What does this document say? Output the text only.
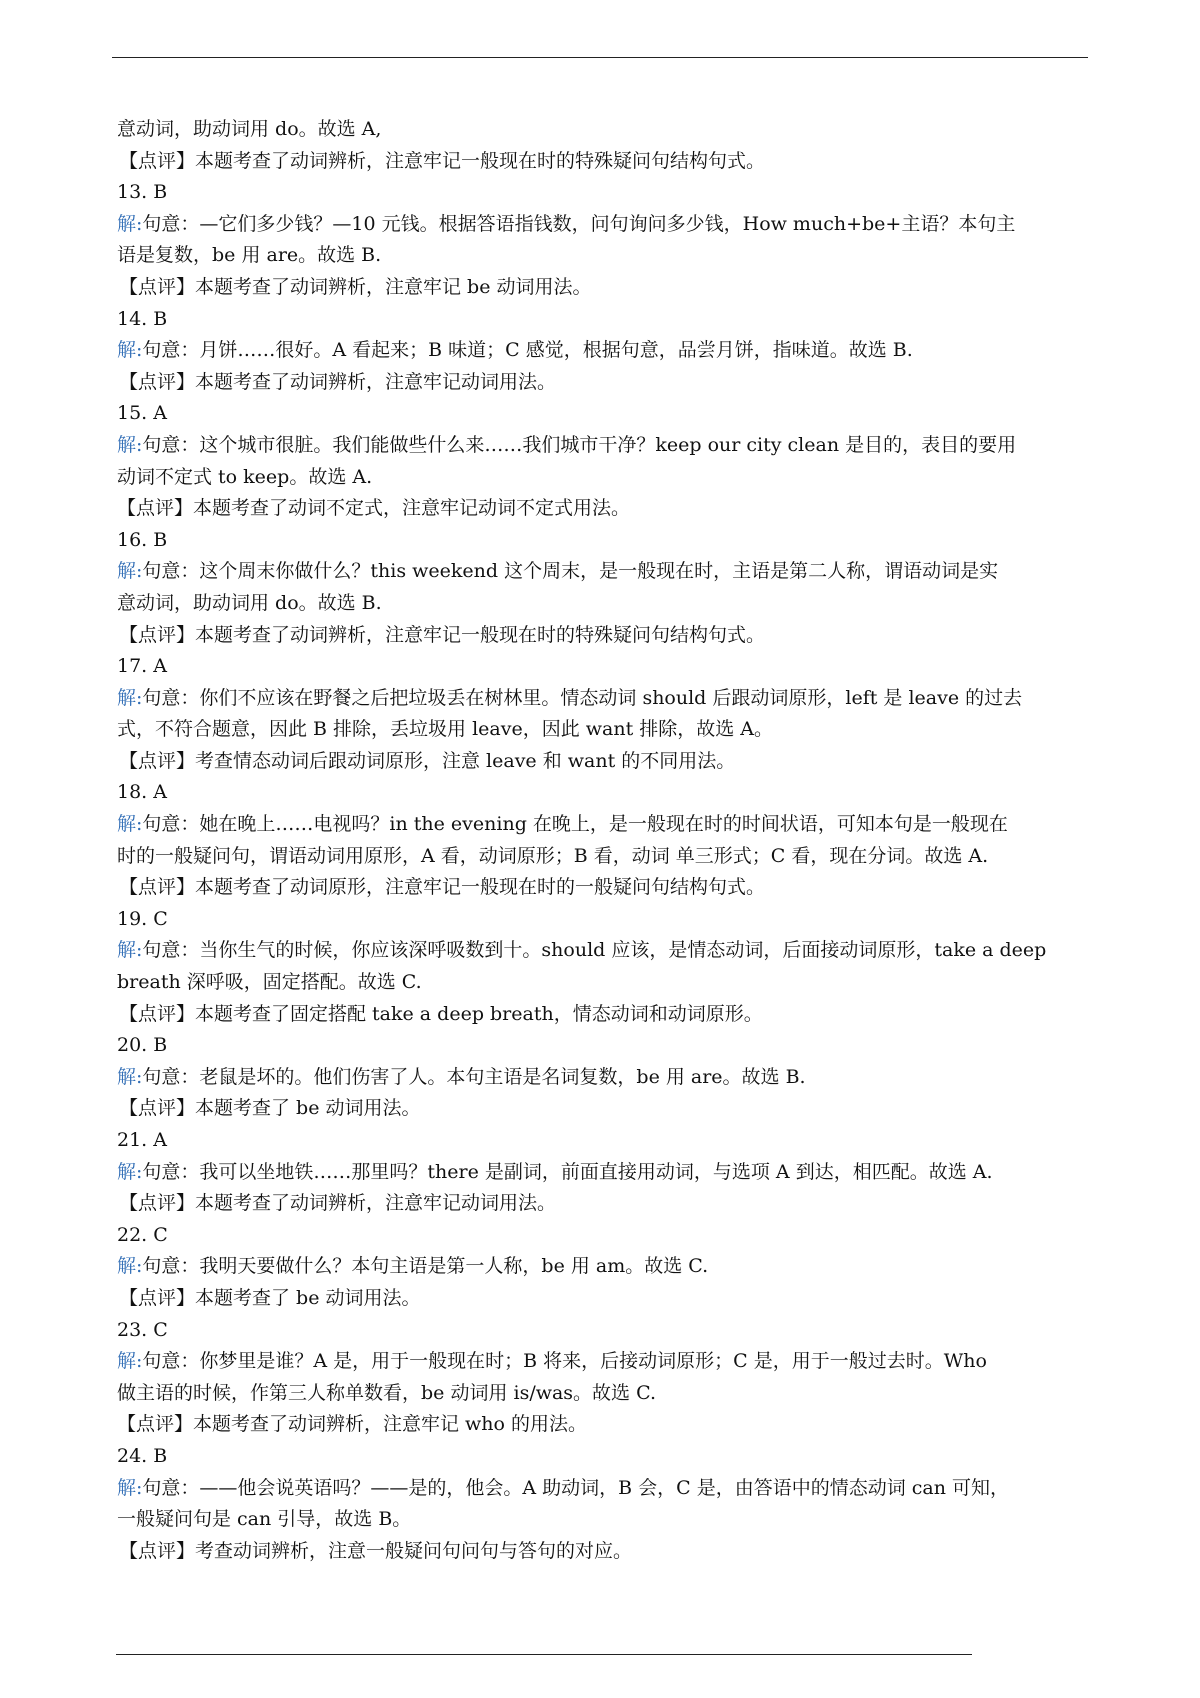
意动词，助动词用 do。故选 A,
【点评】本题考查了动词辨析，注意牢记一般现在时的特殊疑问句结构句式。
13. B
解:句意：—它们多少钱？—10 元钱。根据答语指钱数，问句询问多少钱，How much+be+主语？本句主
语是复数，be 用 are。故选 B.
【点评】本题考查了动词辨析，注意牢记 be 动词用法。
14. B
解:句意：月饼……很好。A 看起来；B 味道；C 感觉，根据句意，品尝月饼，指味道。故选 B.
【点评】本题考查了动词辨析，注意牢记动词用法。
15. A
解:句意：这个城市很脏。我们能做些什么来……我们城市干净？keep our city clean 是目的，表目的要用
动词不定式 to keep。故选 A.
【点评】本题考查了动词不定式，注意牢记动词不定式用法。
16. B
解:句意：这个周末你做什么？this weekend 这个周末，是一般现在时，主语是第二人称，谓语动词是实
意动词，助动词用 do。故选 B.
【点评】本题考查了动词辨析，注意牢记一般现在时的特殊疑问句结构句式。
17. A
解:句意：你们不应该在野餐之后把垃圾丢在树林里。情态动词 should 后跟动词原形，left 是 leave 的过去
式，不符合题意，因此 B 排除，丢垃圾用 leave，因此 want 排除，故选 A。
【点评】考查情态动词后跟动词原形，注意 leave 和 want 的不同用法。
18. A
解:句意：她在晚上……电视吗？in the evening 在晚上，是一般现在时的时间状语，可知本句是一般现在
时的一般疑问句，谓语动词用原形，A 看，动词原形；B 看，动词 单三形式；C 看，现在分词。故选 A.
【点评】本题考查了动词原形，注意牢记一般现在时的一般疑问句结构句式。
19. C
解:句意：当你生气的时候，你应该深呼吸数到十。should 应该，是情态动词，后面接动词原形，take a deep
breath 深呼吸，固定搭配。故选 C.
【点评】本题考查了固定搭配 take a deep breath，情态动词和动词原形。
20. B
解:句意：老鼠是坏的。他们伤害了人。本句主语是名词复数，be 用 are。故选 B.
【点评】本题考查了 be 动词用法。
21. A
解:句意：我可以坐地铁……那里吗？there 是副词，前面直接用动词，与选项 A 到达，相匹配。故选 A.
【点评】本题考查了动词辨析，注意牢记动词用法。
22. C
解:句意：我明天要做什么？本句主语是第一人称，be 用 am。故选 C.
【点评】本题考查了 be 动词用法。
23. C
解:句意：你梦里是谁？A 是，用于一般现在时；B 将来，后接动词原形；C 是，用于一般过去时。Who
做主语的时候，作第三人称单数看，be 动词用 is/was。故选 C.
【点评】本题考查了动词辨析，注意牢记 who 的用法。
24. B
解:句意：——他会说英语吗？——是的，他会。A 助动词，B 会，C 是，由答语中的情态动词 can 可知，
一般疑问句是 can 引导，故选 B。
【点评】考查动词辨析，注意一般疑问句问句与答句的对应。
